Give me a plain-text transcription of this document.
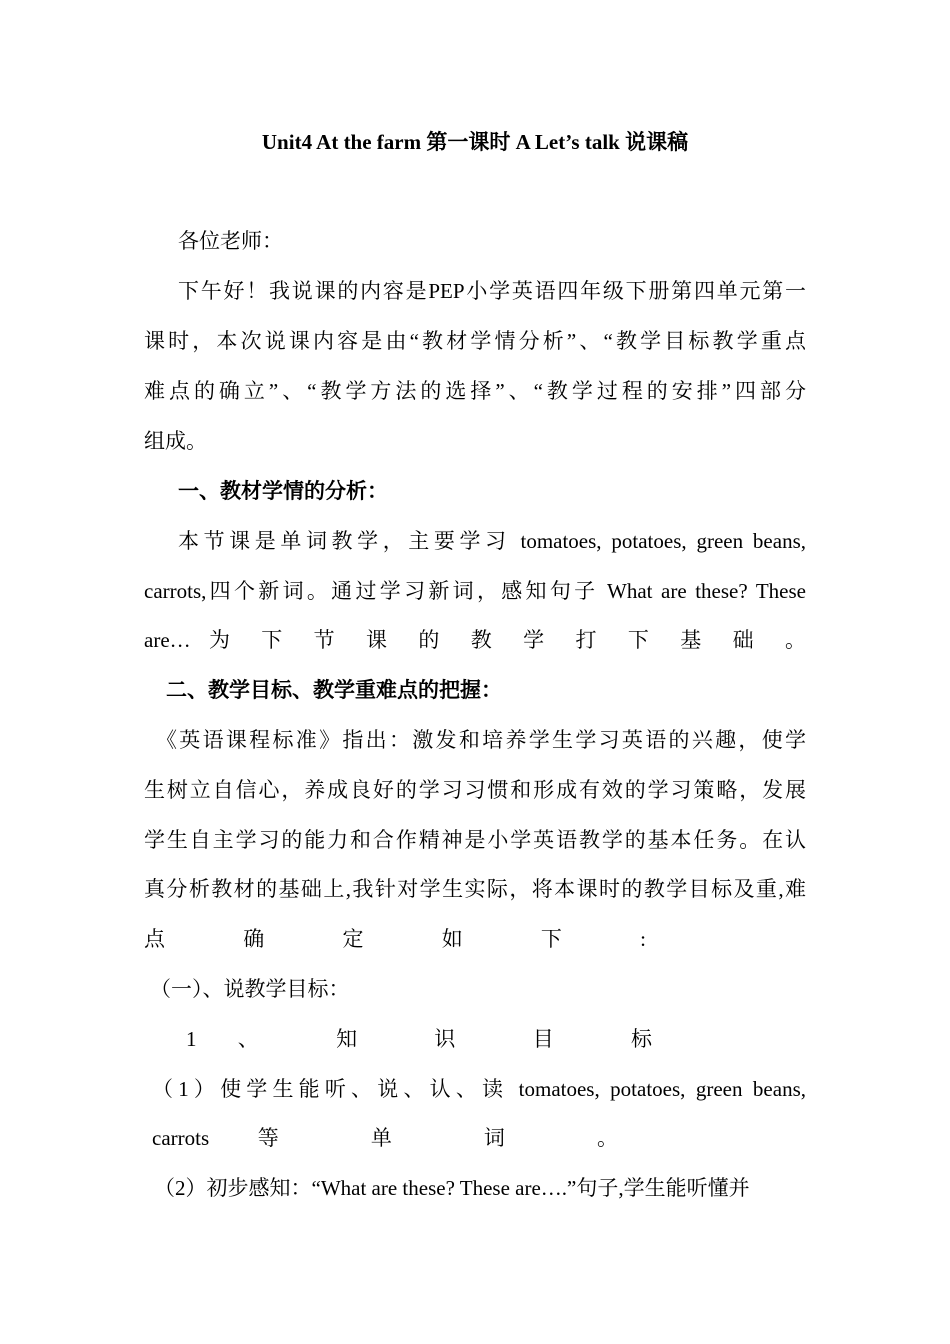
Unit4 At the farm 第一课时 A Let’s talk 说课稿
各位老师：
下午好！我说课的内容是PEP小学英语四年级下册第四单元第一
课时，本次说课内容是由“教材学情分析”、“教学目标教学重点
难点的确立”、“教学方法的选择”、“教学过程的安排”四部分
组成。
一、教材学情的分析：
本节课是单词教学，主要学习 tomatoes, potatoes, green beans,
carrots,四个新词。通过学习新词，感知句子 What are these? These
are… 为 下 节 课 的 教 学 打 下 基 础 。
二、教学目标、教学重难点的把握：
《英语课程标准》指出：激发和培养学生学习英语的兴趣，使学
生树立自信心，养成良好的学习习惯和形成有效的学习策略，发展
学生自主学习的能力和合作精神是小学英语教学的基本任务。在认
真分析教材的基础上,我针对学生实际，将本课时的教学目标及重,难
点 确 定 如 下 :
（一）、说教学目标：
1 、 知 识 目 标
（1）使学生能听、说、认、读 tomatoes, potatoes, green beans,
carrots 等 单 词 。
（2）初步感知：“What are these? These are….”句子,学生能听懂并
